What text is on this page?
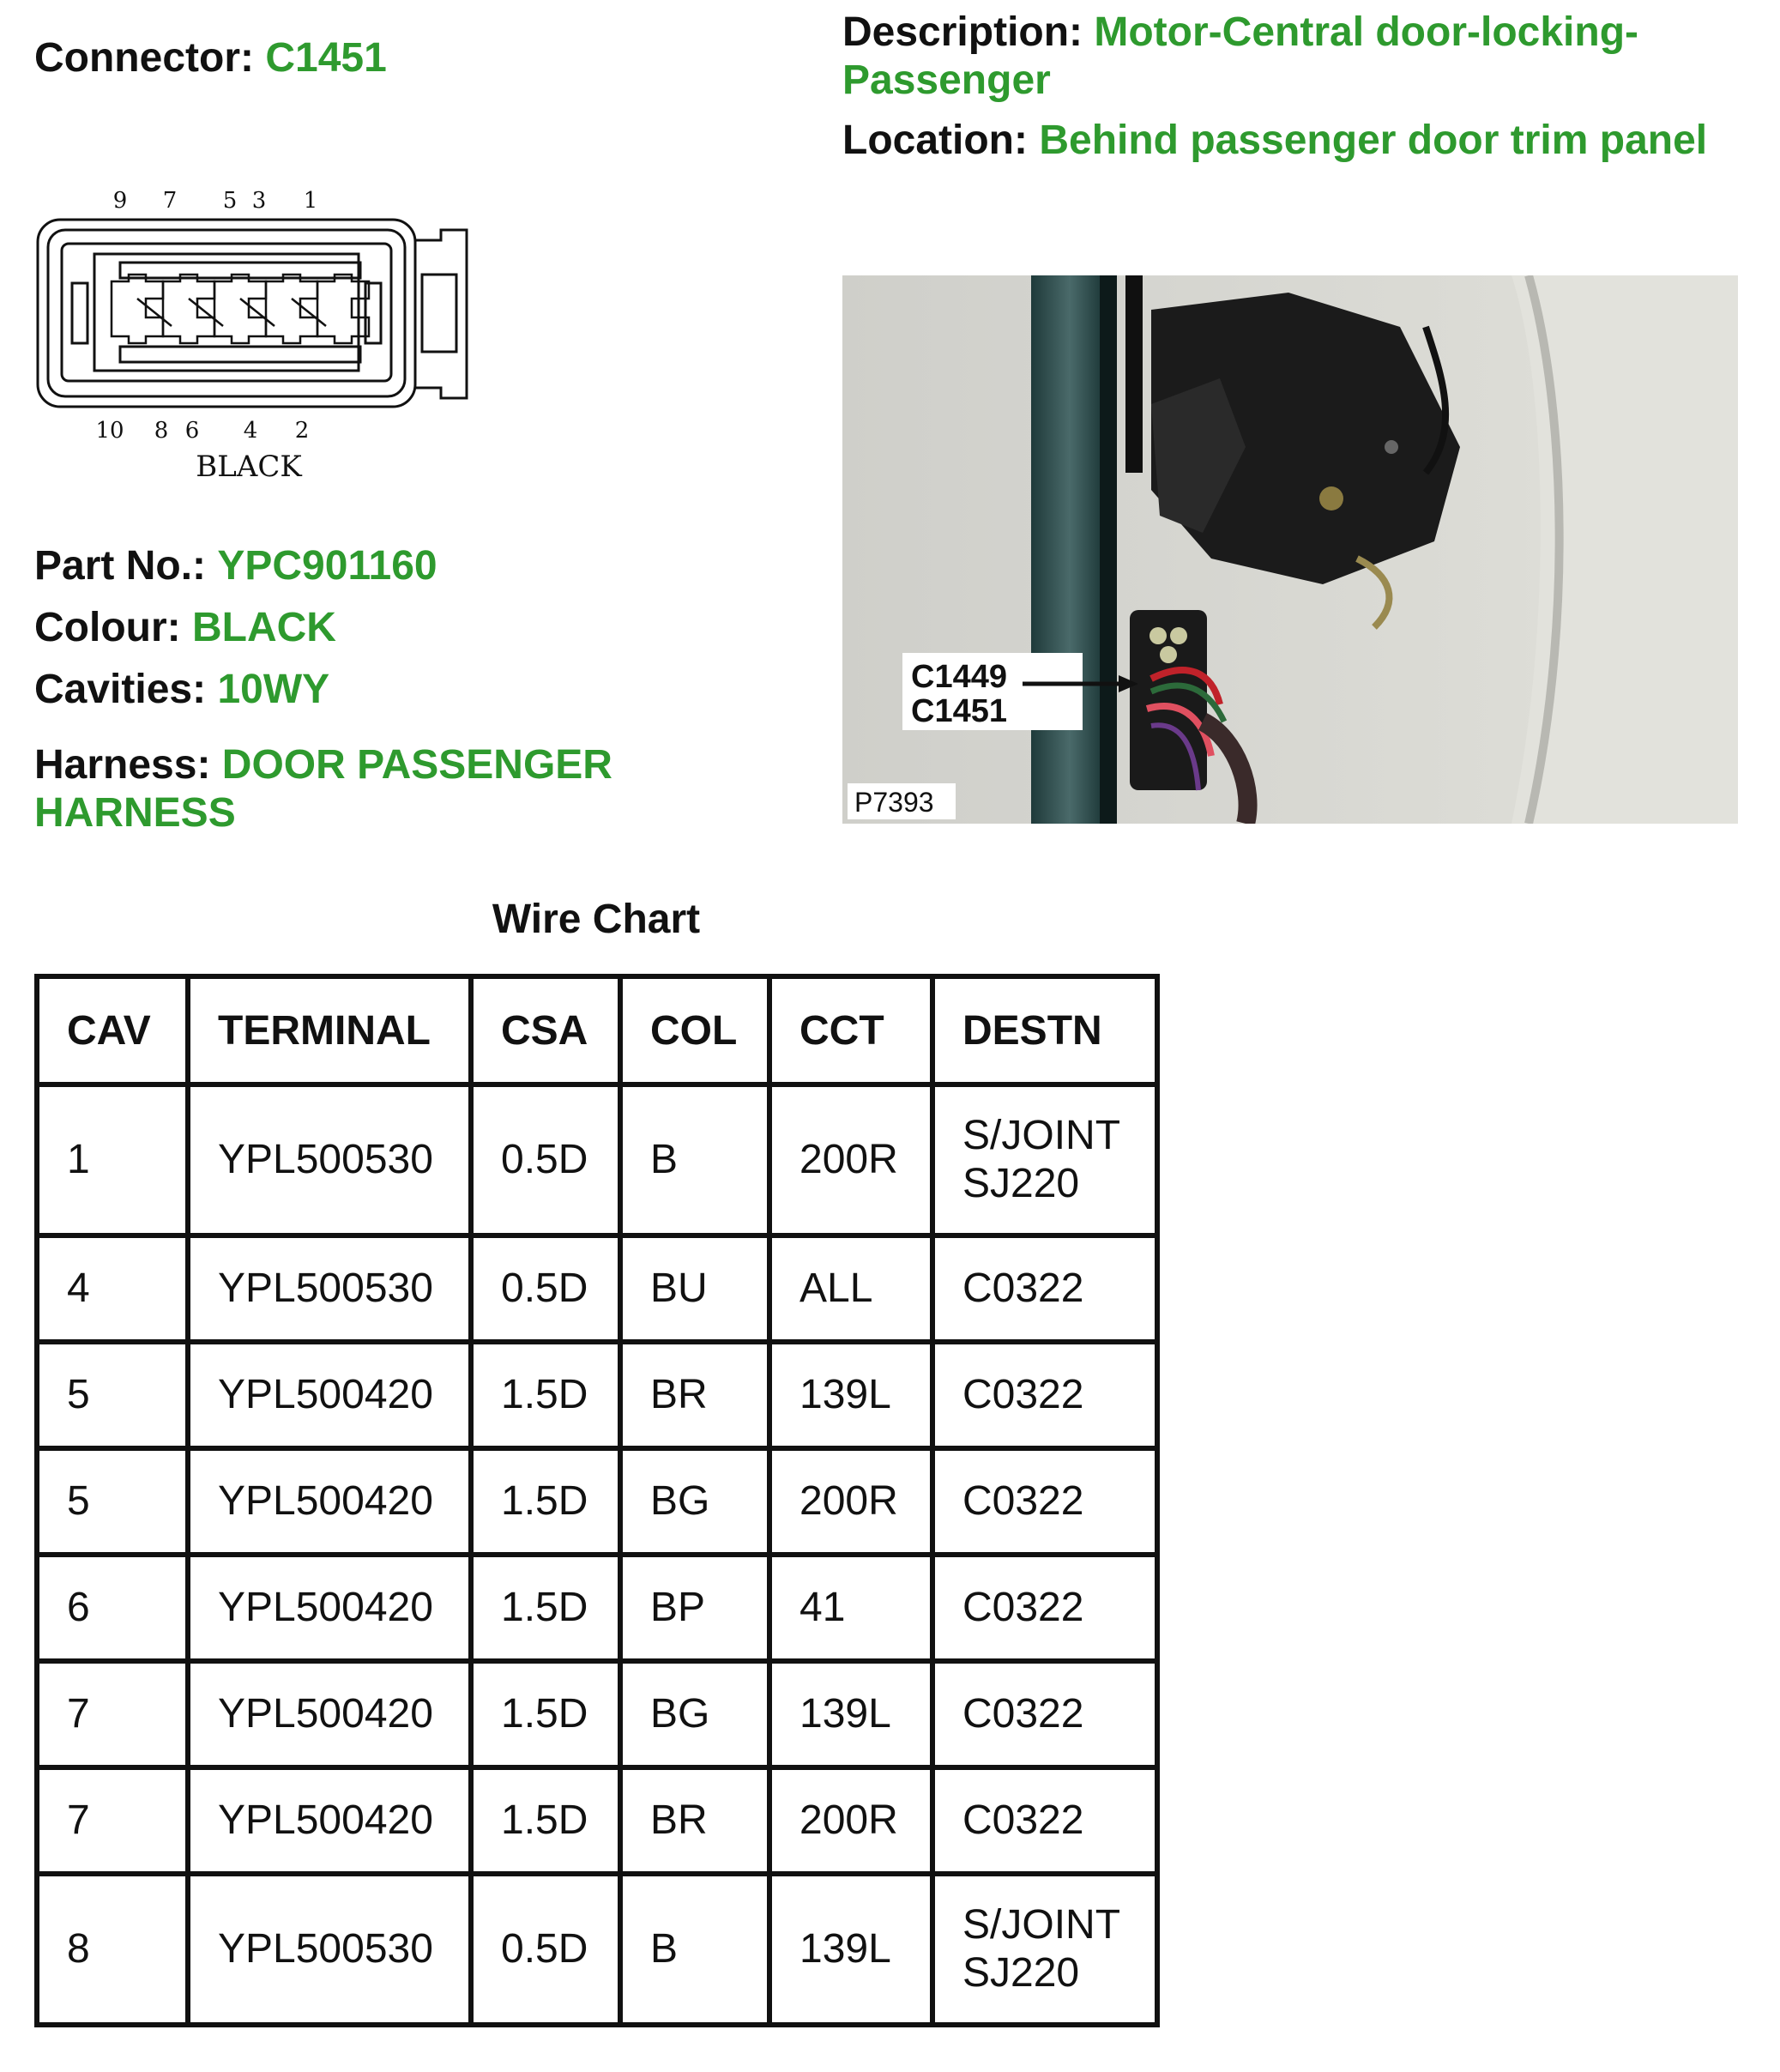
Connector: C1451
Description: Motor-Central door-locking-Passenger
Location: Behind passenger door trim panel
9 7 5 3 1
10 8 6 4 2
BLACK
C1449
C1451
P7393
Part No.: YPC901160
Colour: BLACK
Cavities: 10WY
Harness: DOOR PASSENGER HARNESS
Wire Chart
CAV	TERMINAL	CSA	COL	CCT	DESTN
1	YPL500530	0.5D	B	200R	S/JOINT SJ220
4	YPL500530	0.5D	BU	ALL	C0322
5	YPL500420	1.5D	BR	139L	C0322
5	YPL500420	1.5D	BG	200R	C0322
6	YPL500420	1.5D	BP	41	C0322
7	YPL500420	1.5D	BG	139L	C0322
7	YPL500420	1.5D	BR	200R	C0322
8	YPL500530	0.5D	B	139L	S/JOINT SJ220
